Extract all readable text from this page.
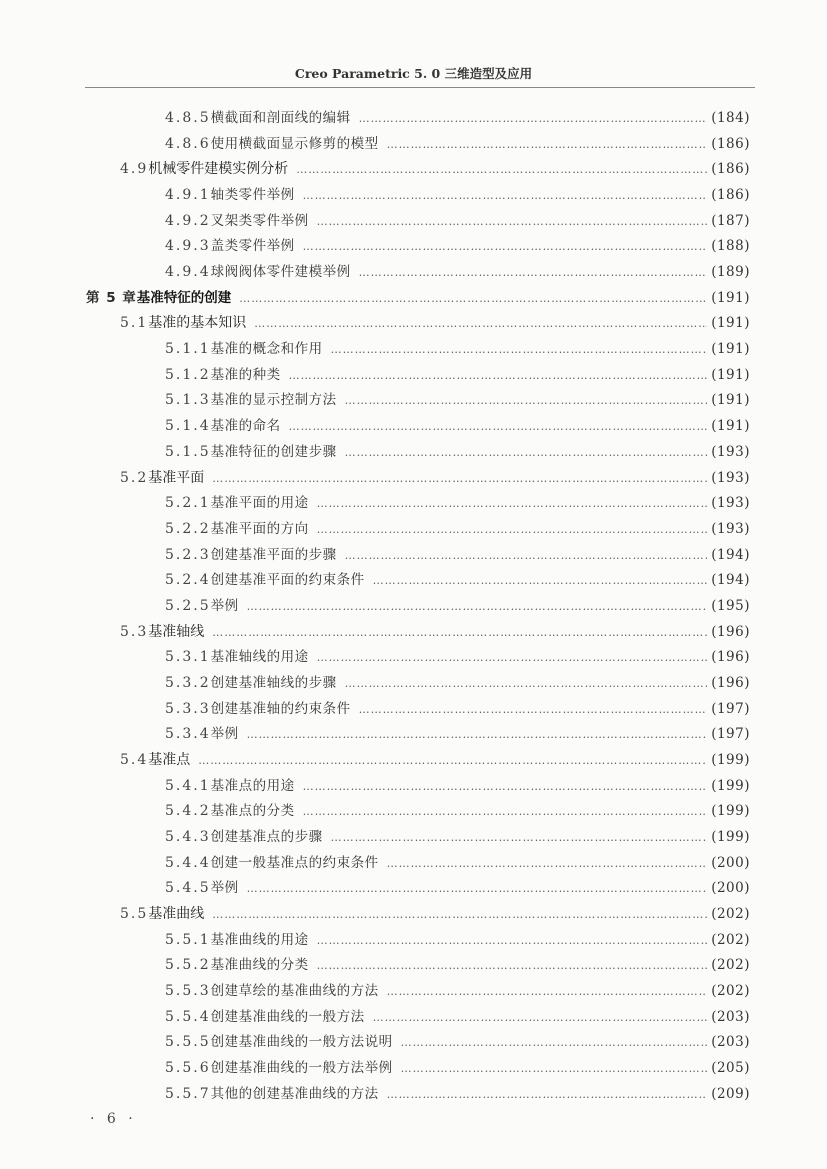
Creo Parametric 5. 0 三维造型及应用
4.8.5 横截面和剖面线的编辑 ……………………………………………………………………………………………………………………………………………………………………………………………………	(184)
4.8.6 使用横截面显示修剪的模型 ……………………………………………………………………………………………………………………………………………………………………………………………………	(186)
4.9 机械零件建模实例分析 ……………………………………………………………………………………………………………………………………………………………………………………………………	(186)
4.9.1 轴类零件举例 ……………………………………………………………………………………………………………………………………………………………………………………………………	(186)
4.9.2 叉架类零件举例 ……………………………………………………………………………………………………………………………………………………………………………………………………	(187)
4.9.3 盖类零件举例 ……………………………………………………………………………………………………………………………………………………………………………………………………	(188)
4.9.4 球阀阀体零件建模举例 ……………………………………………………………………………………………………………………………………………………………………………………………………	(189)
第 5 章 基准特征的创建 ……………………………………………………………………………………………………………………………………………………………………………………………………	(191)
5.1 基准的基本知识 ……………………………………………………………………………………………………………………………………………………………………………………………………	(191)
5.1.1 基准的概念和作用 ……………………………………………………………………………………………………………………………………………………………………………………………………	(191)
5.1.2 基准的种类 ……………………………………………………………………………………………………………………………………………………………………………………………………	(191)
5.1.3 基准的显示控制方法 ……………………………………………………………………………………………………………………………………………………………………………………………………	(191)
5.1.4 基准的命名 ……………………………………………………………………………………………………………………………………………………………………………………………………	(191)
5.1.5 基准特征的创建步骤 ……………………………………………………………………………………………………………………………………………………………………………………………………	(193)
5.2 基准平面 ……………………………………………………………………………………………………………………………………………………………………………………………………	(193)
5.2.1 基准平面的用途 ……………………………………………………………………………………………………………………………………………………………………………………………………	(193)
5.2.2 基准平面的方向 ……………………………………………………………………………………………………………………………………………………………………………………………………	(193)
5.2.3 创建基准平面的步骤 ……………………………………………………………………………………………………………………………………………………………………………………………………	(194)
5.2.4 创建基准平面的约束条件 ……………………………………………………………………………………………………………………………………………………………………………………………………	(194)
5.2.5 举例 ……………………………………………………………………………………………………………………………………………………………………………………………………	(195)
5.3 基准轴线 ……………………………………………………………………………………………………………………………………………………………………………………………………	(196)
5.3.1 基准轴线的用途 ……………………………………………………………………………………………………………………………………………………………………………………………………	(196)
5.3.2 创建基准轴线的步骤 ……………………………………………………………………………………………………………………………………………………………………………………………………	(196)
5.3.3 创建基准轴的约束条件 ……………………………………………………………………………………………………………………………………………………………………………………………………	(197)
5.3.4 举例 ……………………………………………………………………………………………………………………………………………………………………………………………………	(197)
5.4 基准点 ……………………………………………………………………………………………………………………………………………………………………………………………………	(199)
5.4.1 基准点的用途 ……………………………………………………………………………………………………………………………………………………………………………………………………	(199)
5.4.2 基准点的分类 ……………………………………………………………………………………………………………………………………………………………………………………………………	(199)
5.4.3 创建基准点的步骤 ……………………………………………………………………………………………………………………………………………………………………………………………………	(199)
5.4.4 创建一般基准点的约束条件 ……………………………………………………………………………………………………………………………………………………………………………………………………	(200)
5.4.5 举例 ……………………………………………………………………………………………………………………………………………………………………………………………………	(200)
5.5 基准曲线 ……………………………………………………………………………………………………………………………………………………………………………………………………	(202)
5.5.1 基准曲线的用途 ……………………………………………………………………………………………………………………………………………………………………………………………………	(202)
5.5.2 基准曲线的分类 ……………………………………………………………………………………………………………………………………………………………………………………………………	(202)
5.5.3 创建草绘的基准曲线的方法 ……………………………………………………………………………………………………………………………………………………………………………………………………	(202)
5.5.4 创建基准曲线的一般方法 ……………………………………………………………………………………………………………………………………………………………………………………………………	(203)
5.5.5 创建基准曲线的一般方法说明 ……………………………………………………………………………………………………………………………………………………………………………………………………	(203)
5.5.6 创建基准曲线的一般方法举例 ……………………………………………………………………………………………………………………………………………………………………………………………………	(205)
5.5.7 其他的创建基准曲线的方法 ……………………………………………………………………………………………………………………………………………………………………………………………………	(209)
· 6 ·
